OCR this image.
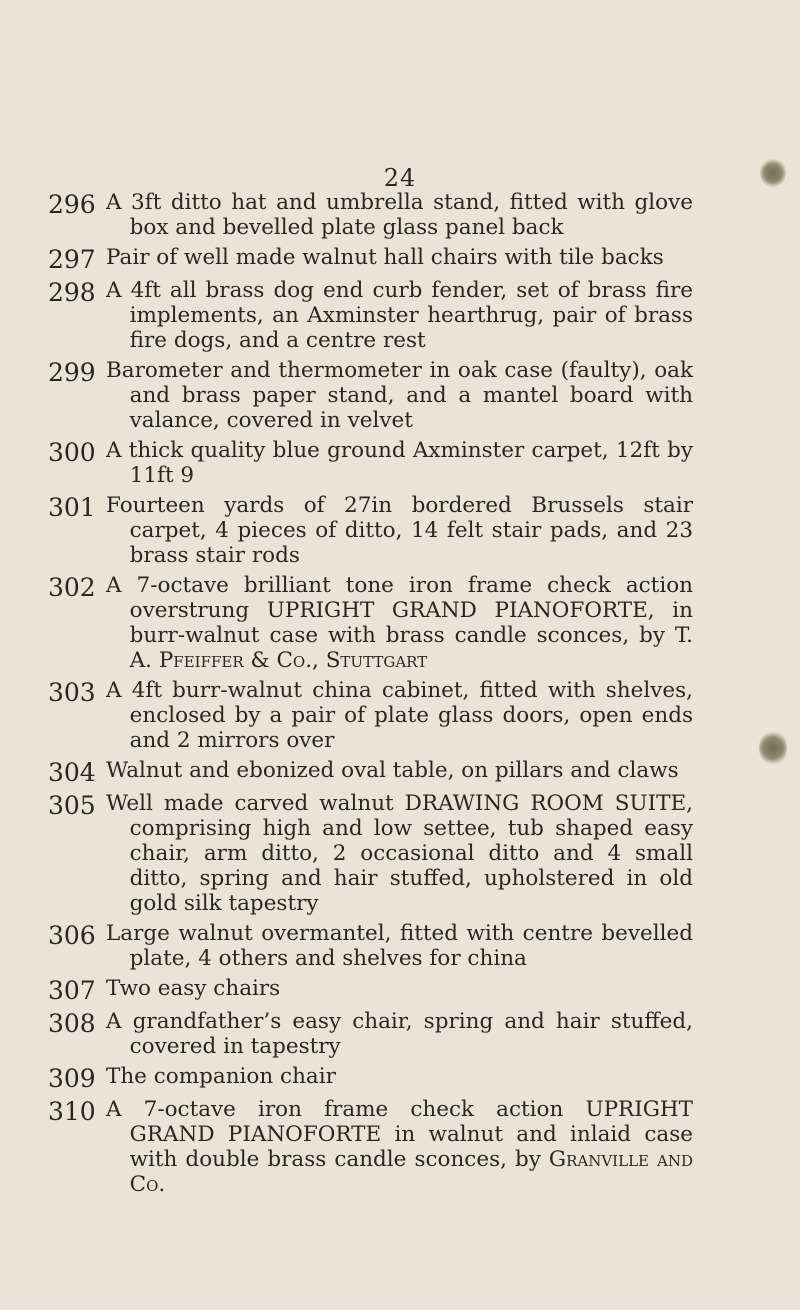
24
296 A 3ft ditto hat and umbrella stand, fitted with glove box and bevelled plate glass panel back
297 Pair of well made walnut hall chairs with tile backs
298 A 4ft all brass dog end curb fender, set of brass fire implements, an Axminster hearthrug, pair of brass fire dogs, and a centre rest
299 Barometer and thermometer in oak case (faulty), oak and brass paper stand, and a mantel board with valance, covered in velvet
300 A thick quality blue ground Axminster carpet, 12ft by 11ft 9
301 Fourteen yards of 27in bordered Brussels stair carpet, 4 pieces of ditto, 14 felt stair pads, and 23 brass stair rods
302 A 7-octave brilliant tone iron frame check action overstrung UPRIGHT GRAND PIANOFORTE, in burr-walnut case with brass candle sconces, by T. A. Pfeiffer & Co., Stuttgart
303 A 4ft burr-walnut china cabinet, fitted with shelves, enclosed by a pair of plate glass doors, open ends and 2 mirrors over
304 Walnut and ebonized oval table, on pillars and claws
305 Well made carved walnut DRAWING ROOM SUITE, comprising high and low settee, tub shaped easy chair, arm ditto, 2 occasional ditto and 4 small ditto, spring and hair stuffed, upholstered in old gold silk tapestry
306 Large walnut overmantel, fitted with centre bevelled plate, 4 others and shelves for china
307 Two easy chairs
308 A grandfather’s easy chair, spring and hair stuffed, covered in tapestry
309 The companion chair
310 A 7-octave iron frame check action UPRIGHT GRAND PIANOFORTE in walnut and inlaid case with double brass candle sconces, by Granville and Co.
